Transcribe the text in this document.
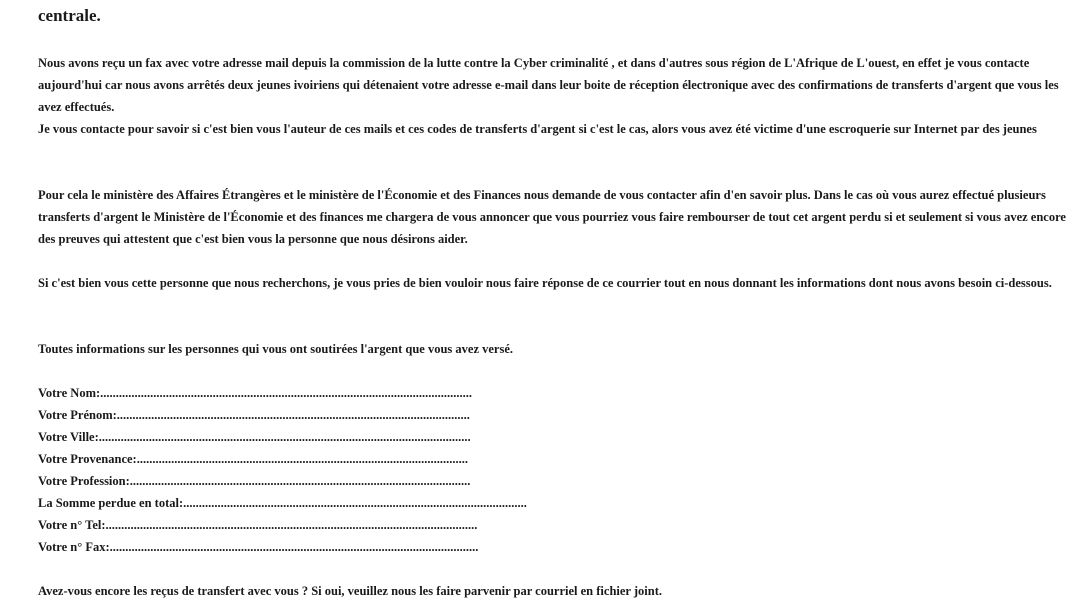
centrale.

Nous avons reçu un fax avec votre adresse mail depuis la commission de la lutte contre la Cyber criminalité , et dans d'autres sous région de L'Afrique de L'ouest, en effet je vous contacte aujourd'hui car nous avons arrêtés deux jeunes ivoiriens qui détenaient votre adresse e-mail dans leur boite de réception électronique avec des confirmations de transferts d'argent que vous les avez effectués.

Je vous contacte pour savoir si c'est bien vous l'auteur de ces mails et ces codes de transferts d'argent si c'est le cas, alors vous avez été victime d'une escroquerie sur Internet par des jeunes

Pour cela le ministère des Affaires Étrangères et le ministère de l'Économie et des Finances nous demande de vous contacter afin d'en savoir plus. Dans le cas où vous aurez effectué plusieurs transferts d'argent le Ministère de l'Économie et des finances me chargera de vous annoncer que vous pourriez vous faire rembourser de tout cet argent perdu si et seulement si vous avez encore des preuves qui attestent que c'est bien vous la personne que nous désirons aider.

Si c'est bien vous cette personne que nous recherchons, je vous pries de bien vouloir nous faire réponse de ce courrier tout en nous donnant les informations dont nous avons besoin ci-dessous.

Toutes informations sur les personnes qui vous ont soutirées l'argent que vous avez versé.

Votre Nom:.......................................................................................................................
Votre Prénom:.................................................................................................................
Votre Ville:.......................................................................................................................
Votre Provenance:..........................................................................................................
Votre Profession:.............................................................................................................
La Somme perdue en total:..............................................................................................................
Votre n° Tel:.......................................................................................................................
Votre n° Fax:......................................................................................................................

Avez-vous encore les reçus de transfert avec vous ? Si oui, veuillez nous les faire parvenir par courriel en fichier joint.
